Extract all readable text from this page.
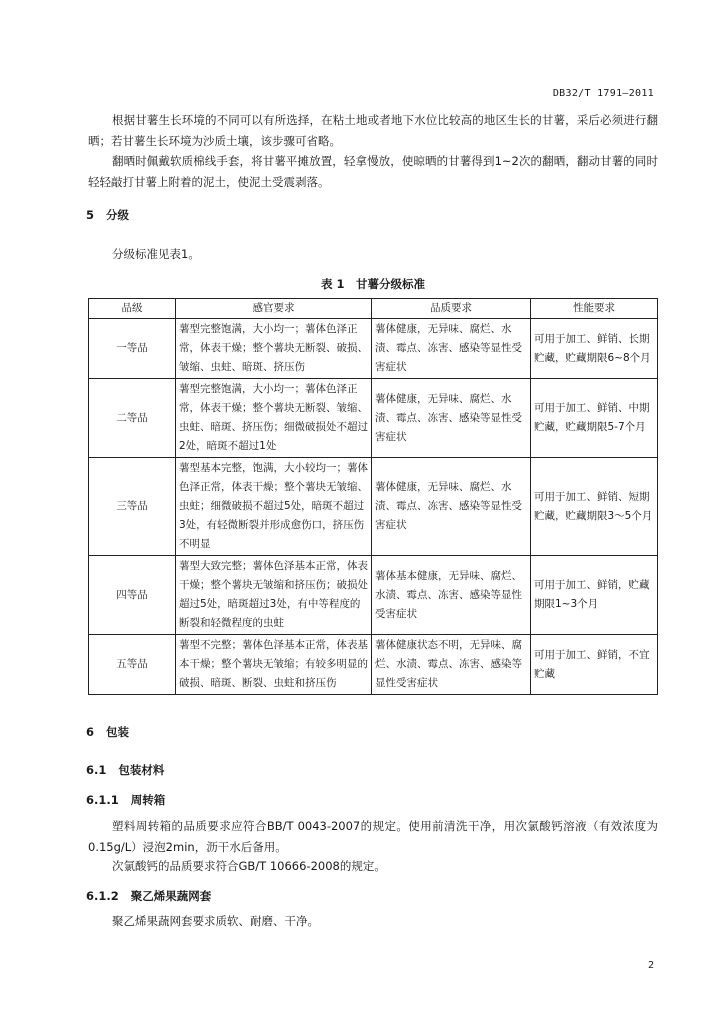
DB32/T 1791—2011

根据甘薯生长环境的不同可以有所选择，在粘土地或者地下水位比较高的地区生长的甘薯，采后必须进行翻晒；若甘薯生长环境为沙质土壤，该步骤可省略。

翻晒时佩戴软质棉线手套，将甘薯平摊放置，轻拿慢放，使晾晒的甘薯得到1~2次的翻晒，翻动甘薯的同时轻轻敲打甘薯上附着的泥土，使泥土受震剥落。

5 分级

分级标准见表1。

表 1　甘薯分级标准

品级	感官要求	品质要求	性能要求
一等品	薯型完整饱满，大小均一；薯体色泽正常，体表干燥；整个薯块无断裂、破损、皱缩、虫蛀、暗斑、挤压伤	薯体健康，无异味、腐烂、水渍、霉点、冻害、感染等显性受害症状	可用于加工、鲜销、长期贮藏，贮藏期限6~8个月
二等品	薯型完整饱满，大小均一；薯体色泽正常，体表干燥；整个薯块无断裂、皱缩、虫蛀、暗斑、挤压伤；细微破损处不超过2处，暗斑不超过1处	薯体健康，无异味、腐烂、水渍、霉点、冻害、感染等显性受害症状	可用于加工、鲜销、中期贮藏，贮藏期限5-7个月
三等品	薯型基本完整，饱满，大小较均一；薯体色泽正常，体表干燥；整个薯块无皱缩、虫蛀；细微破损不超过5处，暗斑不超过3处，有轻微断裂并形成愈伤口，挤压伤不明显	薯体健康，无异味、腐烂、水渍、霉点、冻害、感染等显性受害症状	可用于加工、鲜销、短期贮藏，贮藏期限3～5个月
四等品	薯型大致完整；薯体色泽基本正常，体表干燥；整个薯块无皱缩和挤压伤；破损处超过5处，暗斑超过3处，有中等程度的断裂和轻微程度的虫蛀	薯体基本健康，无异味、腐烂、水渍、霉点、冻害、感染等显性受害症状	可用于加工、鲜销，贮藏期限1~3个月
五等品	薯型不完整；薯体色泽基本正常，体表基本干燥；整个薯块无皱缩；有较多明显的破损、暗斑、断裂、虫蛀和挤压伤	薯体健康状态不明，无异味、腐烂、水渍、霉点、冻害、感染等显性受害症状	可用于加工、鲜销，不宜贮藏

6 包装

6.1 包装材料

6.1.1 周转箱

塑料周转箱的品质要求应符合BB/T 0043-2007的规定。使用前清洗干净，用次氯酸钙溶液（有效浓度为0.15g/L）浸泡2min，沥干水后备用。

次氯酸钙的品质要求符合GB/T 10666-2008的规定。

6.1.2 聚乙烯果蔬网套

聚乙烯果蔬网套要求质软、耐磨、干净。

2
